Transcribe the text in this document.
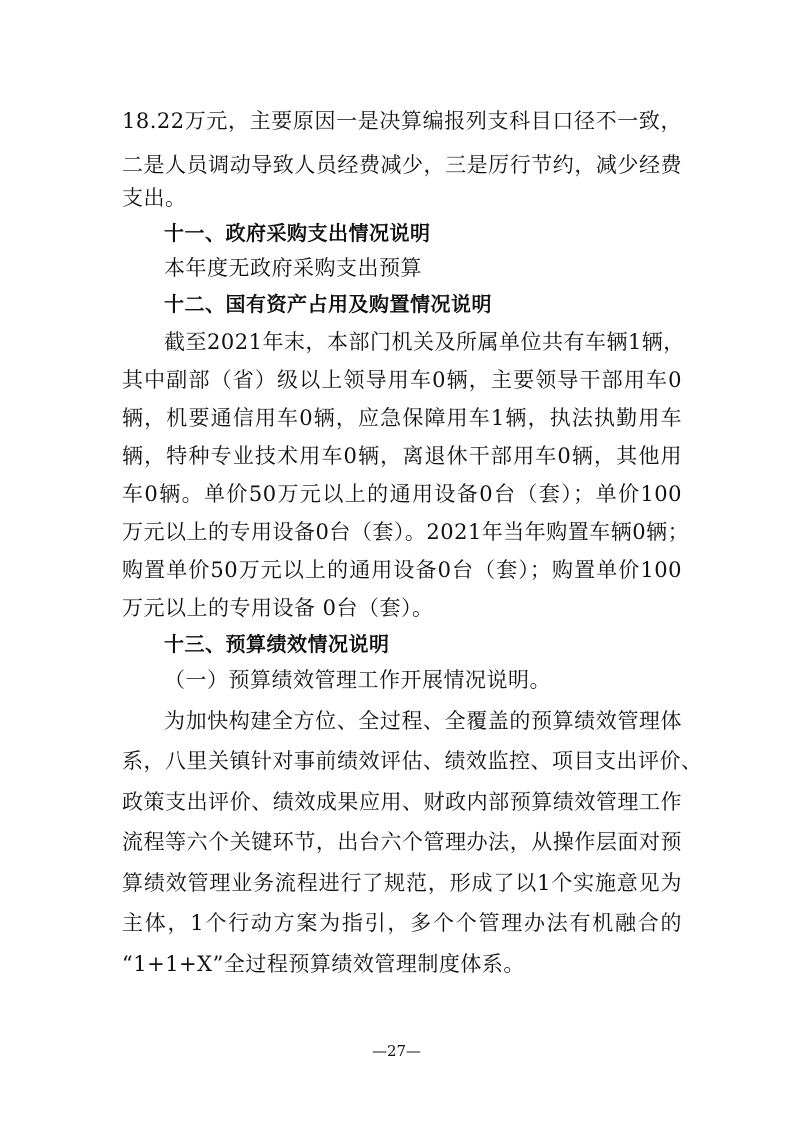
18.22万元，主要原因一是决算编报列支科目口径不一致，
二是人员调动导致人员经费减少，三是厉行节约，减少经费
支出。
十一、政府采购支出情况说明
本年度无政府采购支出预算
十二、国有资产占用及购置情况说明
截至2021年末，本部门机关及所属单位共有车辆1辆，
其中副部（省）级以上领导用车0辆，主要领导干部用车0
辆，机要通信用车0辆，应急保障用车1辆，执法执勤用车
辆，特种专业技术用车0辆，离退休干部用车0辆，其他用
车0辆。单价50万元以上的通用设备0台（套）；单价100
万元以上的专用设备0台（套）。2021年当年购置车辆0辆；
购置单价50万元以上的通用设备0台（套）；购置单价100
万元以上的专用设备 0台（套）。
十三、预算绩效情况说明
（一）预算绩效管理工作开展情况说明。
为加快构建全方位、全过程、全覆盖的预算绩效管理体
系，八里关镇针对事前绩效评估、绩效监控、项目支出评价、
政策支出评价、绩效成果应用、财政内部预算绩效管理工作
流程等六个关键环节，出台六个管理办法，从操作层面对预
算绩效管理业务流程进行了规范，形成了以1个实施意见为
主体，1个行动方案为指引，多个个管理办法有机融合的
“1+1+X”全过程预算绩效管理制度体系。
—27—
